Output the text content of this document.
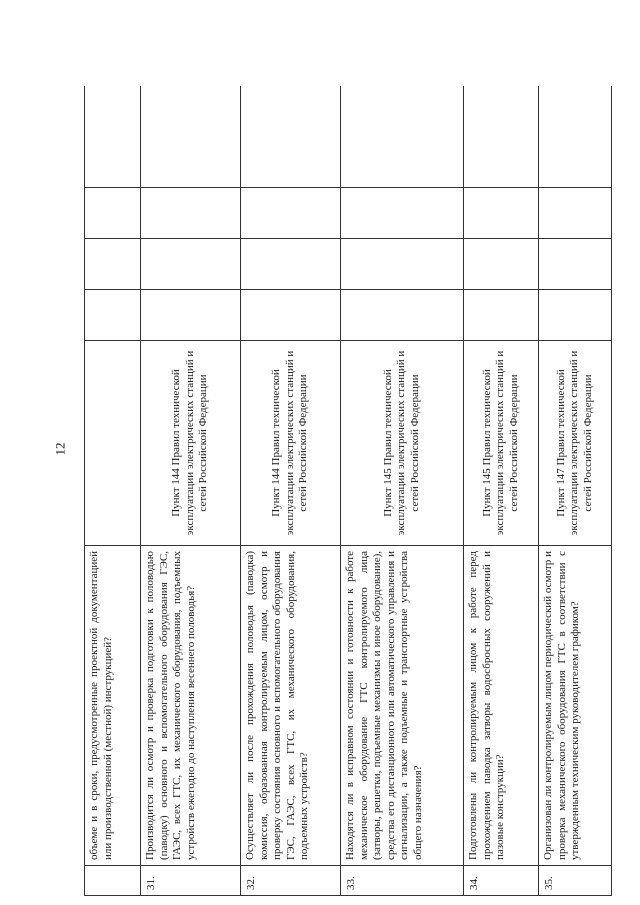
12
	объеме и в сроки, предусмотренные проектной документацией или производственной (местной) инструкцией?					
31.	Производится ли осмотр и проверка подготовки к половодью (паводку) основного и вспомогательного оборудования ГЭС, ГАЭС, всех ГТС, их механического оборудования, подъемных устройств ежегодно до наступления весеннего половодья?	Пункт 144 Правил технической эксплуатации электрических станций и сетей Российской Федерации				
32.	Осуществляет ли после прохождения половодья (паводка) комиссия, образованная контролируемым лицом, осмотр и проверку состояния основного и вспомогательного оборудования ГЭС, ГАЭС, всех ГТС, их механического оборудования, подъемных устройств?	Пункт 144 Правил технической эксплуатации электрических станций и сетей Российской Федерации				
33.	Находятся ли в исправном состоянии и готовности к работе механическое оборудование ГТС контролируемого лица (затворы, решетки, подъемные механизмы и иное оборудование), средства его дистанционного или автоматического управления и сигнализации, а также подъемные и транспортные устройства общего назначения?	Пункт 145 Правил технической эксплуатации электрических станций и сетей Российской Федерации				
34.	Подготовлены ли контролируемым лицом к работе перед прохождением паводка затворы водосбросных сооружений и пазовые конструкции?	Пункт 145 Правил технической эксплуатации электрических станций и сетей Российской Федерации				
35.	Организован ли контролируемым лицом периодический осмотр и проверка механического оборудования ГТС в соответствии с утвержденным техническим руководителем графиком?	Пункт 147 Правил технической эксплуатации электрических станций и сетей Российской Федерации				
